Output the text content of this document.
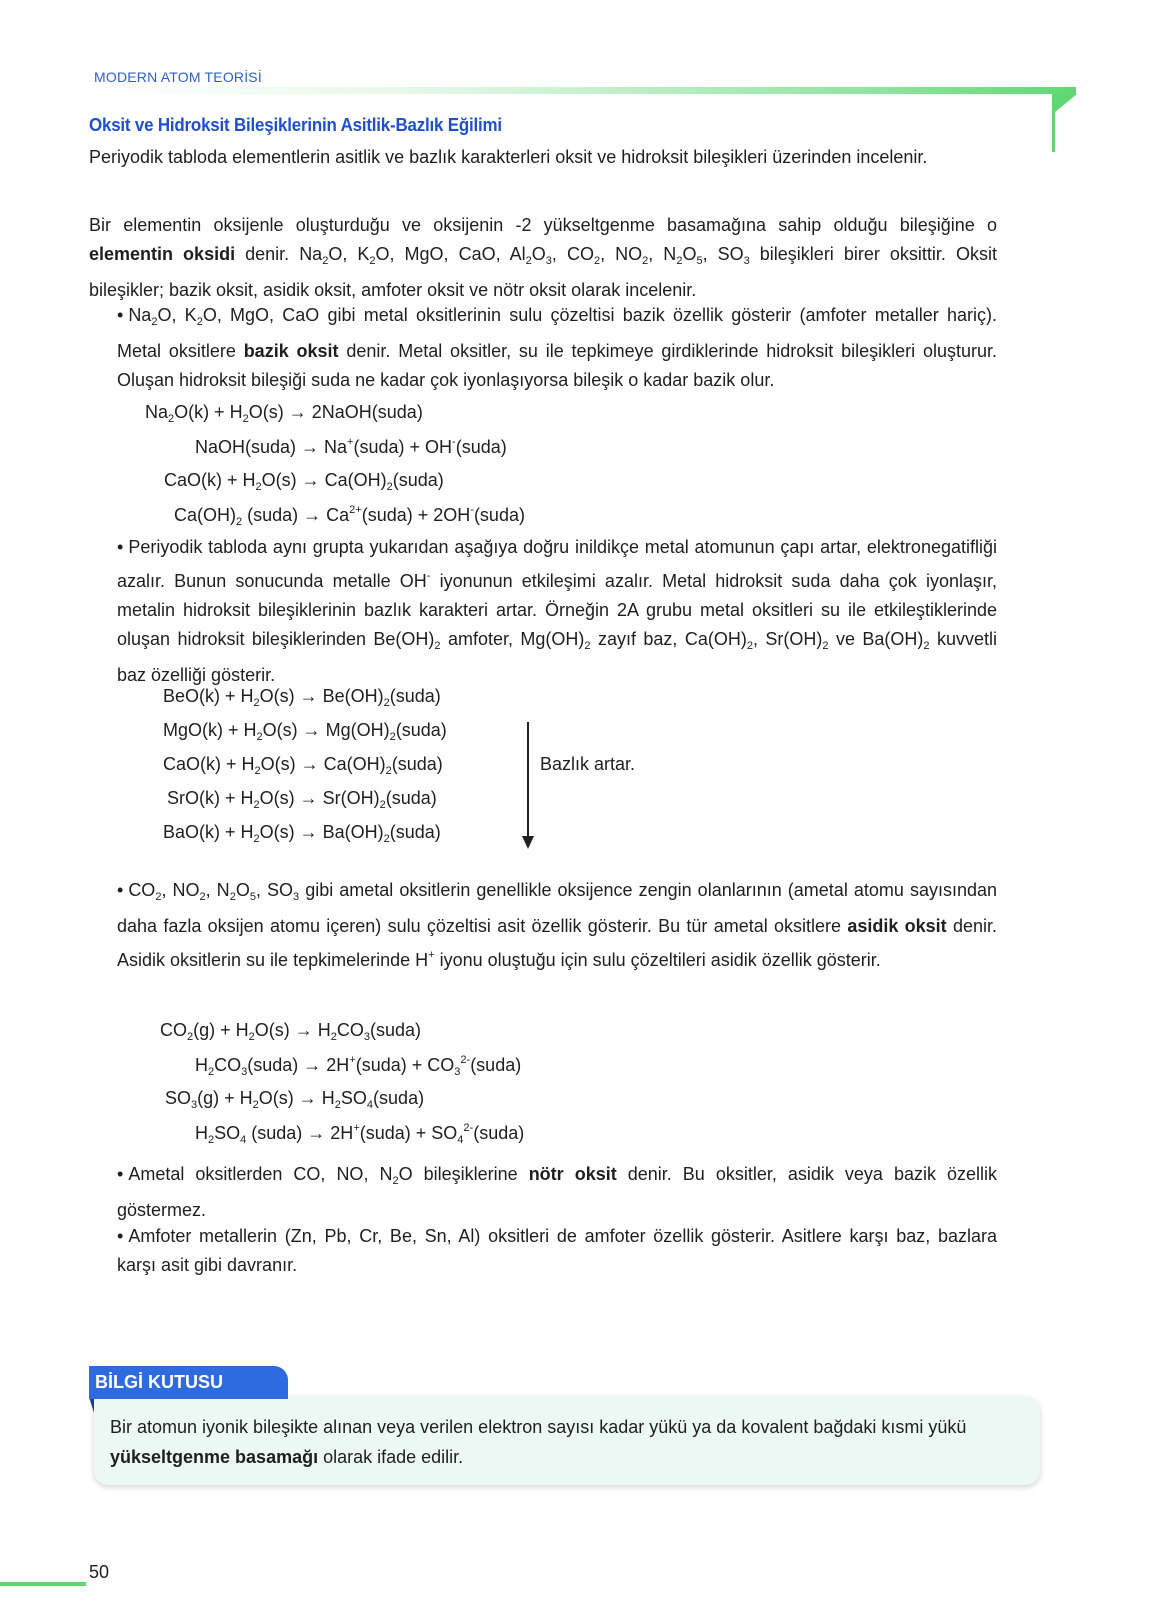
MODERN ATOM TEORİSİ
Oksit ve Hidroksit Bileşiklerinin Asitlik-Bazlık Eğilimi

Periyodik tabloda elementlerin asitlik ve bazlık karakterleri oksit ve hidroksit bileşikleri üzerinden incelenir.

Bir elementin oksijenle oluşturduğu ve oksijenin -2 yükseltgenme basamağına sahip olduğu bileşiğine o elementin oksidi denir. $Na_2O$, $K_2O$, MgO, CaO, $Al_2O_3$, $CO_2$, $NO_2$, $N_2O_5$, $SO_3$ bileşikleri birer oksittir. Oksit bileşikler; bazik oksit, asidik oksit, amfoter oksit ve nötr oksit olarak incelenir.

• $Na_2O$, $K_2O$, MgO, CaO gibi metal oksitlerinin sulu çözeltisi bazik özellik gösterir (amfoter metaller hariç). Metal oksitlere bazik oksit denir. Metal oksitler, su ile tepkimeye girdiklerinde hidroksit bileşikleri oluşturur. Oluşan hidroksit bileşiği suda ne kadar çok iyonlaşıyorsa bileşik o kadar bazik olur.

$Na_2O(k) + H_2O(s)$ → 2NaOH(suda)
NaOH(suda) → Na+(suda) + OH-(suda)
$CaO(k) + H_2O(s)$ → $Ca(OH)_2(suda)$
$Ca(OH)_2$ (suda) → $Ca^{2+}(suda)$ + 2OH-(suda)

• Periyodik tabloda aynı grupta yukarıdan aşağıya doğru inildikçe metal atomunun çapı artar, elektronegatifliği azalır. Bunun sonucunda metalle OH- iyonunun etkileşimi azalır. Metal hidroksit suda daha çok iyonlaşır, metalin hidroksit bileşiklerinin bazlık karakteri artar. Örneğin 2A grubu metal oksitleri su ile etkileştiklerinde oluşan hidroksit bileşiklerinden $Be(OH)_2$ amfoter, $Mg(OH)_2$ zayıf baz, $Ca(OH)_2$, $Sr(OH)_2$ ve $Ba(OH)_2$ kuvvetli baz özelliği gösterir.

$BeO(k) + H_2O(s)$ → $Be(OH)_2(suda)$
$MgO(k) + H_2O(s)$ → $Mg(OH)_2(suda)$
$CaO(k) + H_2O(s)$ → $Ca(OH)_2(suda)$
$SrO(k) + H_2O(s)$ → $Sr(OH)_2(suda)$
$BaO(k) + H_2O(s)$ → $Ba(OH)_2(suda)$
Bazlık artar.

• $CO_2$, $NO_2$, $N_2O_5$, $SO_3$ gibi ametal oksitlerin genellikle oksijence zengin olanlarının (ametal atomu sayısından daha fazla oksijen atomu içeren) sulu çözeltisi asit özellik gösterir. Bu tür ametal oksitlere asidik oksit denir. Asidik oksitlerin su ile tepkimelerinde H+ iyonu oluştuğu için sulu çözeltileri asidik özellik gösterir.

$CO_2(g) + H_2O(s)$ → $H_2CO_3(suda)$
$H_2CO_3(suda)$ → 2H+(suda) + $CO_3^{2-}(suda)$
$SO_3(g) + H_2O(s)$ → $H_2SO_4(suda)$
$H_2SO_4$ (suda) → 2H+(suda) + $SO_4^{2-}(suda)$

• Ametal oksitlerden CO, NO, $N_2O$ bileşiklerine nötr oksit denir. Bu oksitler, asidik veya bazik özellik göstermez.

• Amfoter metallerin (Zn, Pb, Cr, Be, Sn, Al) oksitleri de amfoter özellik gösterir. Asitlere karşı baz, bazlara karşı asit gibi davranır.

BİLGİ KUTUSU

Bir atomun iyonik bileşikte alınan veya verilen elektron sayısı kadar yükü ya da kovalent bağdaki kısmi yükü yükseltgenme basamağı olarak ifade edilir.

50
